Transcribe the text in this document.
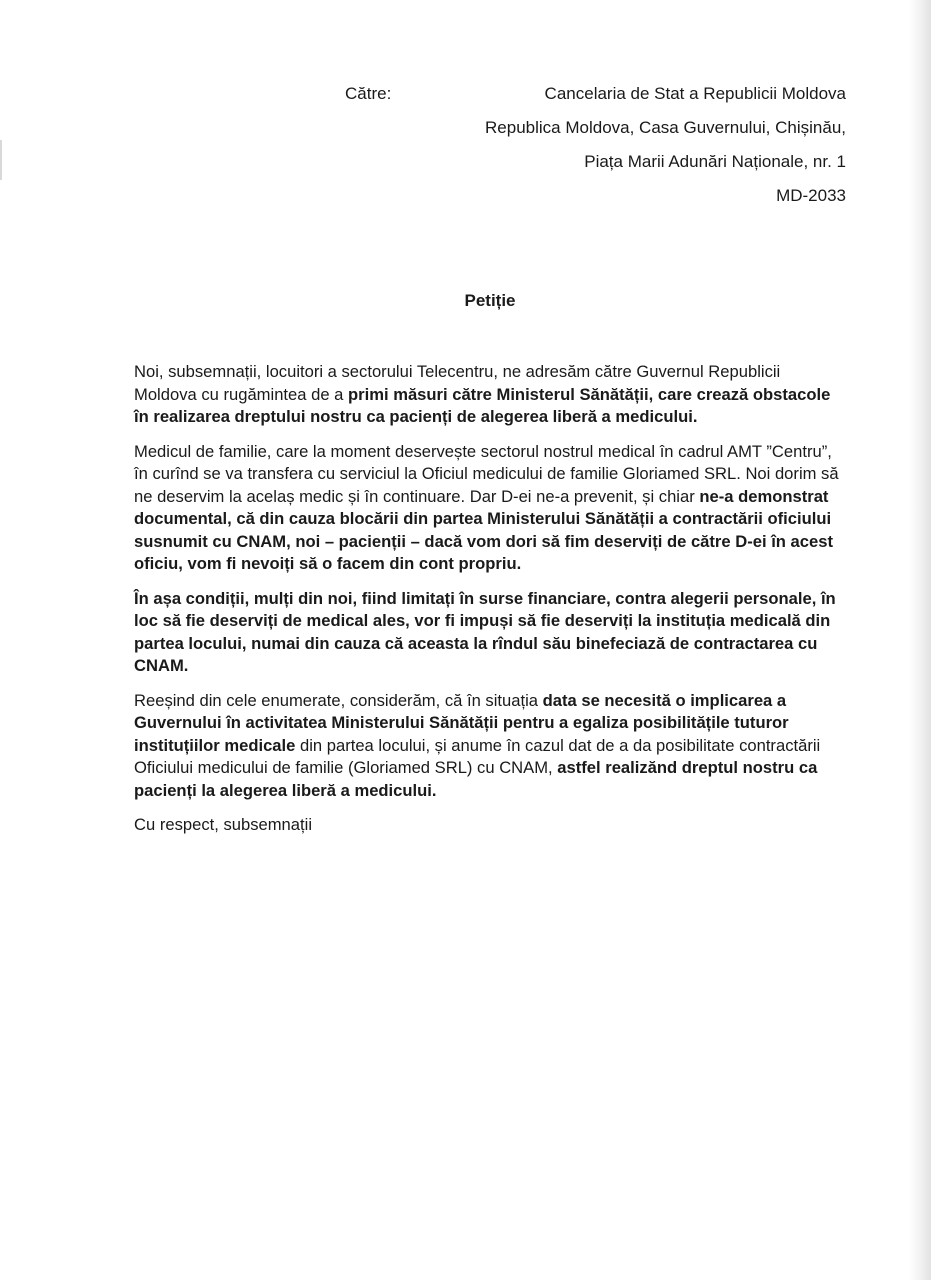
Către:	Cancelaria de Stat a Republicii Moldova
Republica Moldova, Casa Guvernului, Chișinău,
Piața Marii Adunări Naționale, nr. 1
MD-2033
Petiție

Noi, subsemnații, locuitori a sectorului Telecentru, ne adresăm către Guvernul Republicii Moldova cu rugămintea de a primi măsuri către Ministerul Sănătății, care crează obstacole în realizarea dreptului nostru ca pacienți de alegerea liberă a medicului.

Medicul de familie, care la moment deservește sectorul nostrul medical în cadrul AMT ”Centru”, în curînd se va transfera cu serviciul la Oficiul medicului de familie Gloriamed SRL. Noi dorim să ne deservim la acelaș medic și în continuare. Dar D-ei ne-a prevenit, și chiar ne-a demonstrat documental, că din cauza blocării din partea Ministerului Sănătății a contractării oficiului susnumit cu CNAM, noi – pacienții – dacă vom dori să fim deserviți de către D-ei în acest oficiu, vom fi nevoiți să o facem din cont propriu.

În așa condiții, mulți din noi, fiind limitați în surse financiare, contra alegerii personale, în loc să fie deserviți de medical ales, vor fi impuși să fie deserviți la instituția medicală din partea locului, numai din cauza că aceasta la rîndul său binefeciază de contractarea cu CNAM.

Reeșind din cele enumerate, considerăm, că în situația data se necesită o implicarea a Guvernului în activitatea Ministerului Sănătății pentru a egaliza posibilitățile tuturor instituțiilor medicale din partea locului, și anume în cazul dat de a da posibilitate contractării Oficiului medicului de familie (Gloriamed SRL) cu CNAM, astfel realizănd dreptul nostru ca pacienți la alegerea liberă a medicului.

Cu respect, subsemnații
